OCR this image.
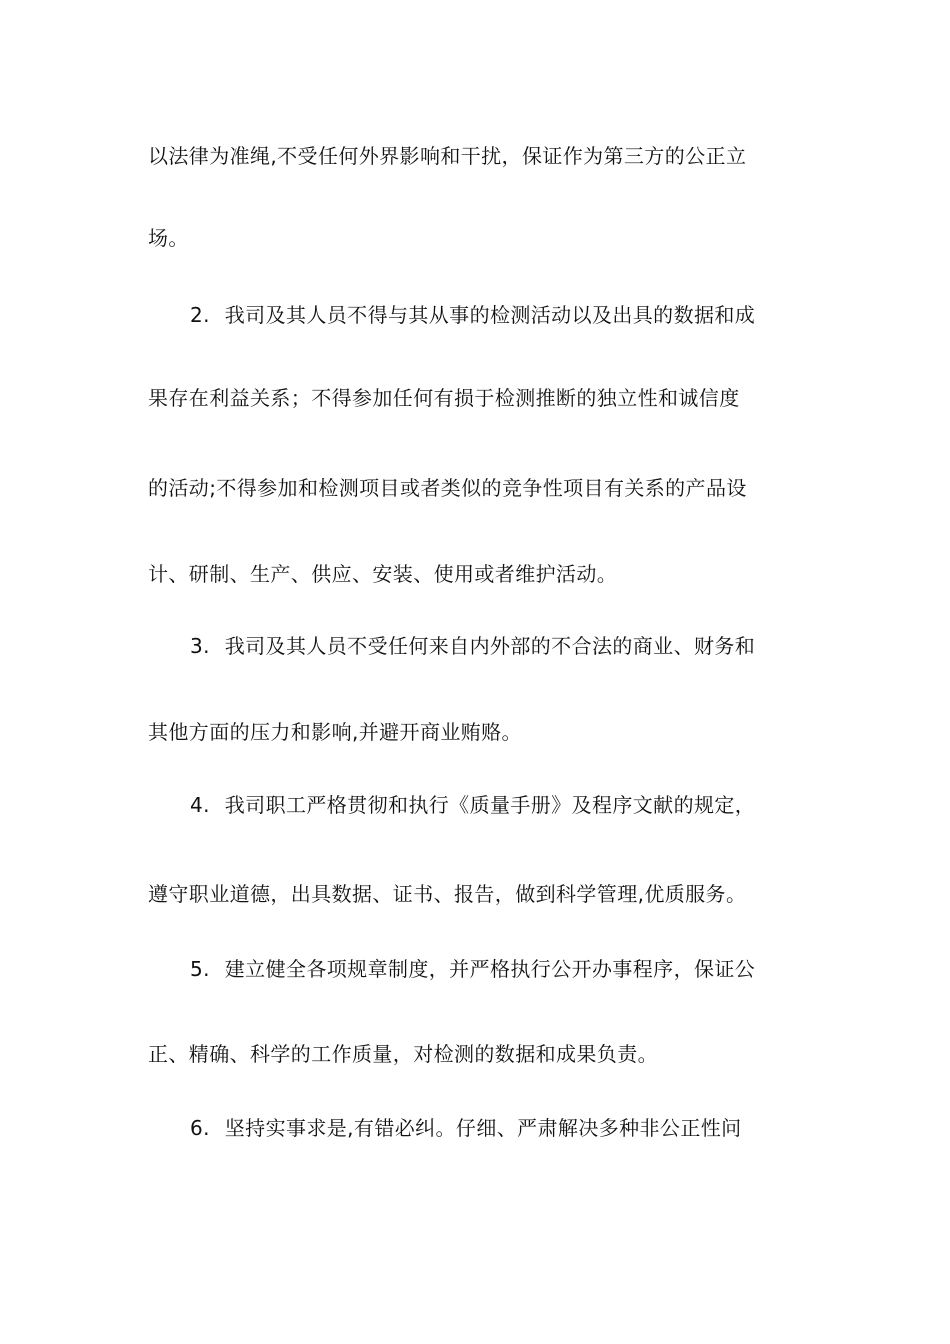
以法律为准绳,不受任何外界影响和干扰，保证作为第三方的公正立
场。
2. 我司及其人员不得与其从事的检测活动以及出具的数据和成
果存在利益关系；不得参加任何有损于检测推断的独立性和诚信度
的活动;不得参加和检测项目或者类似的竞争性项目有关系的产品设
计、研制、生产、供应、安装、使用或者维护活动。
3. 我司及其人员不受任何来自内外部的不合法的商业、财务和
其他方面的压力和影响,并避开商业贿赂。
4. 我司职工严格贯彻和执行《质量手册》及程序文献的规定，
遵守职业道德，出具数据、证书、报告，做到科学管理,优质服务。
5. 建立健全各项规章制度，并严格执行公开办事程序，保证公
正、精确、科学的工作质量，对检测的数据和成果负责。
6. 坚持实事求是,有错必纠。仔细、严肃解决多种非公正性问
